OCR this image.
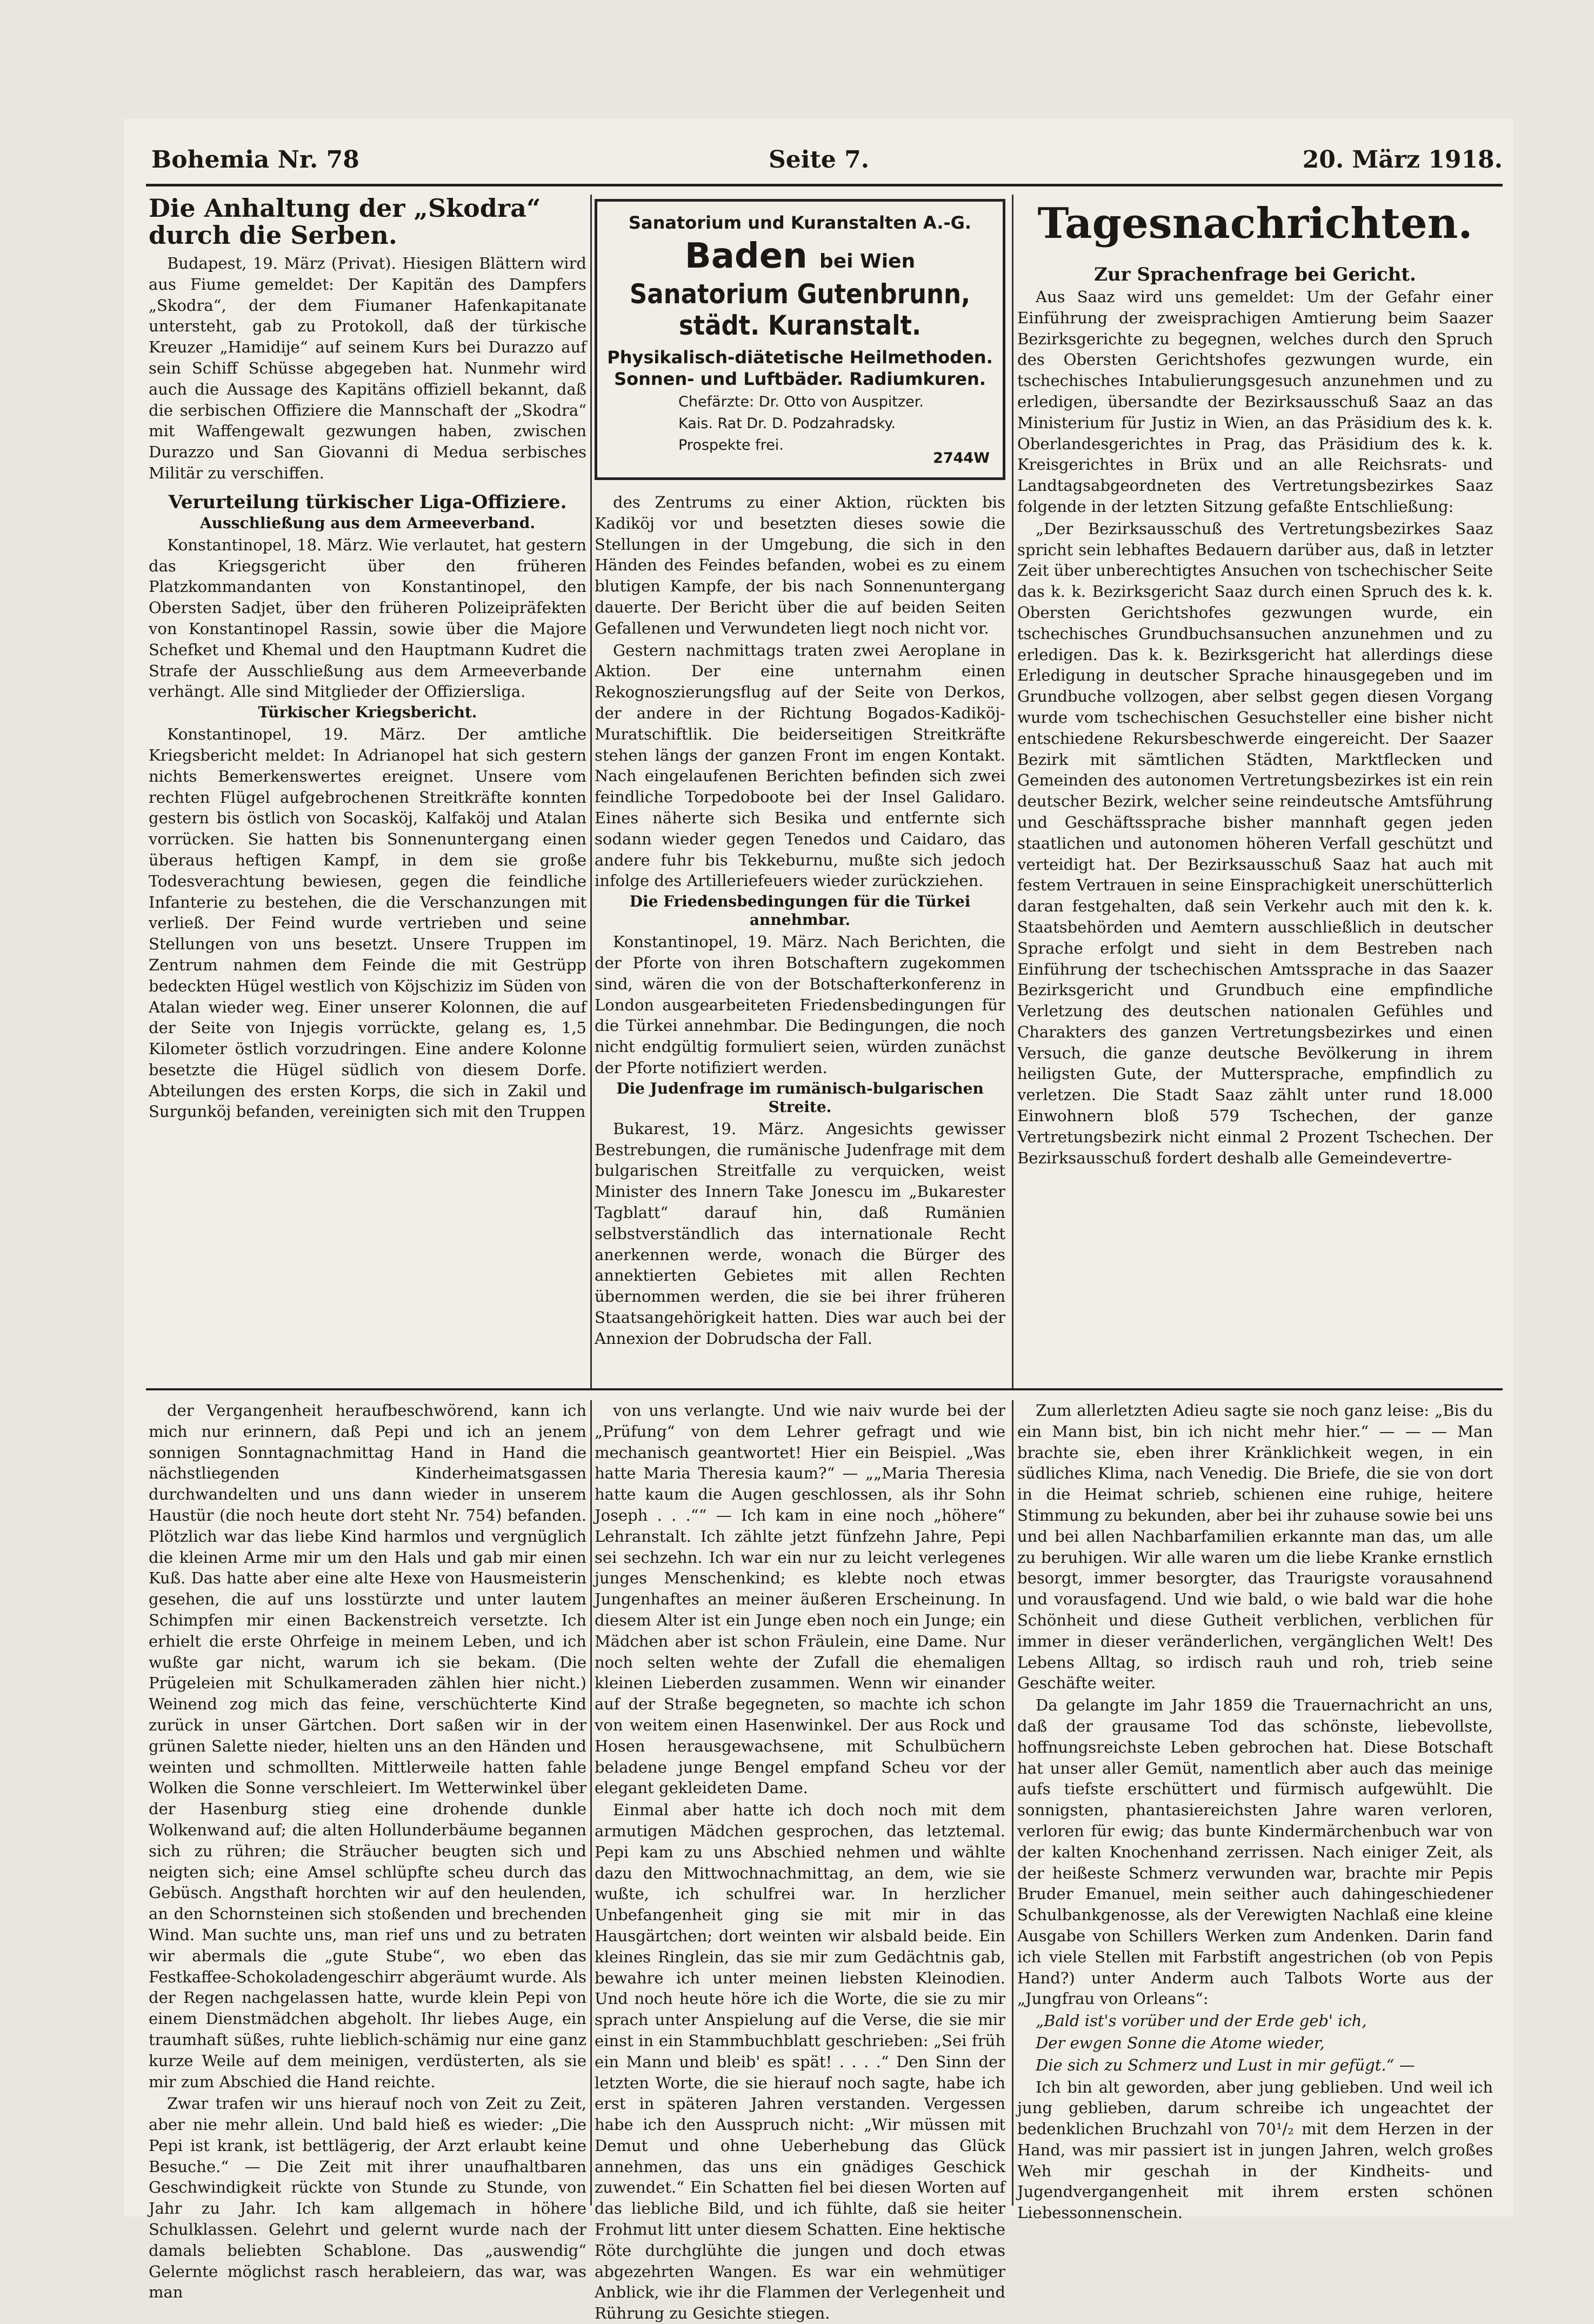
Bohemia Nr. 78	Seite 7.	20. März 1918.
Die Anhaltung der „Skodra“ durch die Serben.

Budapest, 19. März (Privat). Hiesigen Blättern wird aus Fiume gemeldet: Der Kapitän des Dampfers „Skodra“, der dem Fiumaner Hafenkapitanate untersteht, gab zu Protokoll, daß der türkische Kreuzer „Hamidije“ auf seinem Kurs bei Durazzo auf sein Schiff Schüsse abgegeben hat. Nunmehr wird auch die Aussage des Kapitäns offiziell bekannt, daß die serbischen Offiziere die Mannschaft der „Skodra“ mit Waffengewalt gezwungen haben, zwischen Durazzo und San Giovanni di Medua serbisches Militär zu verschiffen.

Verurteilung türkischer Liga-Offiziere.
Ausschließung aus dem Armeeverband.

Konstantinopel, 18. März. Wie verlautet, hat gestern das Kriegsgericht über den früheren Platzkommandanten von Konstantinopel, den Obersten Sadjet, über den früheren Polizeipräfekten von Konstantinopel Rassin, sowie über die Majore Schefket und Khemal und den Hauptmann Kudret die Strafe der Ausschließung aus dem Armeeverbande verhängt. Alle sind Mitglieder der Offiziersliga.

Türkischer Kriegsbericht.

Konstantinopel, 19. März. Der amtliche Kriegsbericht meldet: In Adrianopel hat sich gestern nichts Bemerkenswertes ereignet. Unsere vom rechten Flügel aufgebrochenen Streitkräfte konnten gestern bis östlich von Socasköj, Kalfaköj und Atalan vorrücken. Sie hatten bis Sonnenuntergang einen überaus heftigen Kampf, in dem sie große Todesverachtung bewiesen, gegen die feindliche Infanterie zu bestehen, die die Verschanzungen mit verließ. Der Feind wurde vertrieben und seine Stellungen von uns besetzt. Unsere Truppen im Zentrum nahmen dem Feinde die mit Gestrüpp bedeckten Hügel westlich von Köjschiziz im Süden von Atalan wieder weg. Einer unserer Kolonnen, die auf der Seite von Injegis vorrückte, gelang es, 1,5 Kilometer östlich vorzudringen. Eine andere Kolonne besetzte die Hügel südlich von diesem Dorfe. Abteilungen des ersten Korps, die sich in Zakil und Surgunköj befanden, vereinigten sich mit den Truppen

Sanatorium und Kuranstalten A.-G.
Baden bei Wien
Sanatorium Gutenbrunn, städt. Kuranstalt.
Physikalisch-diätetische Heilmethoden. Sonnen- und Luftbäder. Radiumkuren.
Chefärzte: Dr. Otto von Auspitzer.
Kais. Rat Dr. D. Podzahradsky.
Prospekte frei.
2744W

des Zentrums zu einer Aktion, rückten bis Kadiköj vor und besetzten dieses sowie die Stellungen in der Umgebung, die sich in den Händen des Feindes befanden, wobei es zu einem blutigen Kampfe, der bis nach Sonnenuntergang dauerte. Der Bericht über die auf beiden Seiten Gefallenen und Verwundeten liegt noch nicht vor.

Gestern nachmittags traten zwei Aeroplane in Aktion. Der eine unternahm einen Rekognoszierungsflug auf der Seite von Derkos, der andere in der Richtung Bogados-Kadiköj-Muratschiftlik. Die beiderseitigen Streitkräfte stehen längs der ganzen Front im engen Kontakt. Nach eingelaufenen Berichten befinden sich zwei feindliche Torpedoboote bei der Insel Galidaro. Eines näherte sich Besika und entfernte sich sodann wieder gegen Tenedos und Caidaro, das andere fuhr bis Tekkeburnu, mußte sich jedoch infolge des Artilleriefeuers wieder zurückziehen.

Die Friedensbedingungen für die Türkei annehmbar.

Konstantinopel, 19. März. Nach Berichten, die der Pforte von ihren Botschaftern zugekommen sind, wären die von der Botschafterkonferenz in London ausgearbeiteten Friedensbedingungen für die Türkei annehmbar. Die Bedingungen, die noch nicht endgültig formuliert seien, würden zunächst der Pforte notifiziert werden.

Die Judenfrage im rumänisch-bulgarischen Streite.

Bukarest, 19. März. Angesichts gewisser Bestrebungen, die rumänische Judenfrage mit dem bulgarischen Streitfalle zu verquicken, weist Minister des Innern Take Jonescu im „Bukarester Tagblatt“ darauf hin, daß Rumänien selbstverständlich das internationale Recht anerkennen werde, wonach die Bürger des annektierten Gebietes mit allen Rechten übernommen werden, die sie bei ihrer früheren Staatsangehörigkeit hatten. Dies war auch bei der Annexion der Dobrudscha der Fall.

Tagesnachrichten.
Zur Sprachenfrage bei Gericht.

Aus Saaz wird uns gemeldet: Um der Gefahr einer Einführung der zweisprachigen Amtierung beim Saazer Bezirksgerichte zu begegnen, welches durch den Spruch des Obersten Gerichtshofes gezwungen wurde, ein tschechisches Intabulierungsgesuch anzunehmen und zu erledigen, übersandte der Bezirksausschuß Saaz an das Ministerium für Justiz in Wien, an das Präsidium des k. k. Oberlandesgerichtes in Prag, das Präsidium des k. k. Kreisgerichtes in Brüx und an alle Reichsrats- und Landtagsabgeordneten des Vertretungsbezirkes Saaz folgende in der letzten Sitzung gefaßte Entschließung:

„Der Bezirksausschuß des Vertretungsbezirkes Saaz spricht sein lebhaftes Bedauern darüber aus, daß in letzter Zeit über unberechtigtes Ansuchen von tschechischer Seite das k. k. Bezirksgericht Saaz durch einen Spruch des k. k. Obersten Gerichtshofes gezwungen wurde, ein tschechisches Grundbuchsansuchen anzunehmen und zu erledigen. Das k. k. Bezirksgericht hat allerdings diese Erledigung in deutscher Sprache hinausgegeben und im Grundbuche vollzogen, aber selbst gegen diesen Vorgang wurde vom tschechischen Gesuchsteller eine bisher nicht entschiedene Rekursbeschwerde eingereicht. Der Saazer Bezirk mit sämtlichen Städten, Marktflecken und Gemeinden des autonomen Vertretungsbezirkes ist ein rein deutscher Bezirk, welcher seine reindeutsche Amtsführung und Geschäftssprache bisher mannhaft gegen jeden staatlichen und autonomen höheren Verfall geschützt und verteidigt hat. Der Bezirksausschuß Saaz hat auch mit festem Vertrauen in seine Einsprachigkeit unerschütterlich daran festgehalten, daß sein Verkehr auch mit den k. k. Staatsbehörden und Aemtern ausschließlich in deutscher Sprache erfolgt und sieht in dem Bestreben nach Einführung der tschechischen Amtssprache in das Saazer Bezirksgericht und Grundbuch eine empfindliche Verletzung des deutschen nationalen Gefühles und Charakters des ganzen Vertretungsbezirkes und einen Versuch, die ganze deutsche Bevölkerung in ihrem heiligsten Gute, der Muttersprache, empfindlich zu verletzen. Die Stadt Saaz zählt unter rund 18.000 Einwohnern bloß 579 Tschechen, der ganze Vertretungsbezirk nicht einmal 2 Prozent Tschechen. Der Bezirksausschuß fordert deshalb alle Gemeindevertre-

der Vergangenheit heraufbeschwörend, kann ich mich nur erinnern, daß Pepi und ich an jenem sonnigen Sonntagnachmittag Hand in Hand die nächstliegenden Kinderheimatsgassen durchwandelten und uns dann wieder in unserem Haustür (die noch heute dort steht Nr. 754) befanden. Plötzlich war das liebe Kind harmlos und vergnüglich die kleinen Arme mir um den Hals und gab mir einen Kuß. Das hatte aber eine alte Hexe von Hausmeisterin gesehen, die auf uns losstürzte und unter lautem Schimpfen mir einen Backenstreich versetzte. Ich erhielt die erste Ohrfeige in meinem Leben, und ich wußte gar nicht, warum ich sie bekam. (Die Prügeleien mit Schulkameraden zählen hier nicht.) Weinend zog mich das feine, verschüchterte Kind zurück in unser Gärtchen. Dort saßen wir in der grünen Salette nieder, hielten uns an den Händen und weinten und schmollten. Mittlerweile hatten fahle Wolken die Sonne verschleiert. Im Wetterwinkel über der Hasenburg stieg eine drohende dunkle Wolkenwand auf; die alten Hollunderbäume begannen sich zu rühren; die Sträucher beugten sich und neigten sich; eine Amsel schlüpfte scheu durch das Gebüsch. Angsthaft horchten wir auf den heulenden, an den Schornsteinen sich stoßenden und brechenden Wind. Man suchte uns, man rief uns und zu betraten wir abermals die „gute Stube“, wo eben das Festkaffee-Schokoladengeschirr abgeräumt wurde. Als der Regen nachgelassen hatte, wurde klein Pepi von einem Dienstmädchen abgeholt. Ihr liebes Auge, ein traumhaft süßes, ruhte lieblich-schämig nur eine ganz kurze Weile auf dem meinigen, verdüsterten, als sie mir zum Abschied die Hand reichte.

Zwar trafen wir uns hierauf noch von Zeit zu Zeit, aber nie mehr allein. Und bald hieß es wieder: „Die Pepi ist krank, ist bettlägerig, der Arzt erlaubt keine Besuche.“ — Die Zeit mit ihrer unaufhaltbaren Geschwindigkeit rückte von Stunde zu Stunde, von Jahr zu Jahr. Ich kam allgemach in höhere Schulklassen. Gelehrt und gelernt wurde nach der damals beliebten Schablone. Das „auswendig“ Gelernte möglichst rasch herableiern, das war, was man

von uns verlangte. Und wie naiv wurde bei der „Prüfung“ von dem Lehrer gefragt und wie mechanisch geantwortet! Hier ein Beispiel. „Was hatte Maria Theresia kaum?“ — „„Maria Theresia hatte kaum die Augen geschlossen, als ihr Sohn Joseph . . .““ — Ich kam in eine noch „höhere“ Lehranstalt. Ich zählte jetzt fünfzehn Jahre, Pepi sei sechzehn. Ich war ein nur zu leicht verlegenes junges Menschenkind; es klebte noch etwas Jungenhaftes an meiner äußeren Erscheinung. In diesem Alter ist ein Junge eben noch ein Junge; ein Mädchen aber ist schon Fräulein, eine Dame. Nur noch selten wehte der Zufall die ehemaligen kleinen Lieberden zusammen. Wenn wir einander auf der Straße begegneten, so machte ich schon von weitem einen Hasenwinkel. Der aus Rock und Hosen herausgewachsene, mit Schulbüchern beladene junge Bengel empfand Scheu vor der elegant gekleideten Dame.

Einmal aber hatte ich doch noch mit dem armutigen Mädchen gesprochen, das letztemal. Pepi kam zu uns Abschied nehmen und wählte dazu den Mittwochnachmittag, an dem, wie sie wußte, ich schulfrei war. In herzlicher Unbefangenheit ging sie mit mir in das Hausgärtchen; dort weinten wir alsbald beide. Ein kleines Ringlein, das sie mir zum Gedächtnis gab, bewahre ich unter meinen liebsten Kleinodien. Und noch heute höre ich die Worte, die sie zu mir sprach unter Anspielung auf die Verse, die sie mir einst in ein Stammbuchblatt geschrieben: „Sei früh ein Mann und bleib' es spät! . . . .“ Den Sinn der letzten Worte, die sie hierauf noch sagte, habe ich erst in späteren Jahren verstanden. Vergessen habe ich den Ausspruch nicht: „Wir müssen mit Demut und ohne Ueberhebung das Glück annehmen, das uns ein gnädiges Geschick zuwendet.“ Ein Schatten fiel bei diesen Worten auf das liebliche Bild, und ich fühlte, daß sie heiter Frohmut litt unter diesem Schatten. Eine hektische Röte durchglühte die jungen und doch etwas abgezehrten Wangen. Es war ein wehmütiger Anblick, wie ihr die Flammen der Verlegenheit und Rührung zu Gesichte stiegen.

Zum allerletzten Adieu sagte sie noch ganz leise: „Bis du ein Mann bist, bin ich nicht mehr hier.“ — — — Man brachte sie, eben ihrer Kränklichkeit wegen, in ein südliches Klima, nach Venedig. Die Briefe, die sie von dort in die Heimat schrieb, schienen eine ruhige, heitere Stimmung zu bekunden, aber bei ihr zuhause sowie bei uns und bei allen Nachbarfamilien erkannte man das, um alle zu beruhigen. Wir alle waren um die liebe Kranke ernstlich besorgt, immer besorgter, das Traurigste vorausahnend und vorausfagend. Und wie bald, o wie bald war die hohe Schönheit und diese Gutheit verblichen, verblichen für immer in dieser veränderlichen, vergänglichen Welt! Des Lebens Alltag, so irdisch rauh und roh, trieb seine Geschäfte weiter.

Da gelangte im Jahr 1859 die Trauernachricht an uns, daß der grausame Tod das schönste, liebevollste, hoffnungsreichste Leben gebrochen hat. Diese Botschaft hat unser aller Gemüt, namentlich aber auch das meinige aufs tiefste erschüttert und fürmisch aufgewühlt. Die sonnigsten, phantasiereichsten Jahre waren verloren, verloren für ewig; das bunte Kindermärchenbuch war von der kalten Knochenhand zerrissen. Nach einiger Zeit, als der heißeste Schmerz verwunden war, brachte mir Pepis Bruder Emanuel, mein seither auch dahingeschiedener Schulbankgenosse, als der Verewigten Nachlaß eine kleine Ausgabe von Schillers Werken zum Andenken. Darin fand ich viele Stellen mit Farbstift angestrichen (ob von Pepis Hand?) unter Anderm auch Talbots Worte aus der „Jungfrau von Orleans“:

„Bald ist's vorüber und der Erde geb' ich,

Der ewgen Sonne die Atome wieder,

Die sich zu Schmerz und Lust in mir gefügt.“ —

Ich bin alt geworden, aber jung geblieben. Und weil ich jung geblieben, darum schreibe ich ungeachtet der bedenklichen Bruchzahl von 70¹/₂ mit dem Herzen in der Hand, was mir passiert ist in jungen Jahren, welch großes Weh mir geschah in der Kindheits- und Jugendvergangenheit mit ihrem ersten schönen Liebessonnenschein.
